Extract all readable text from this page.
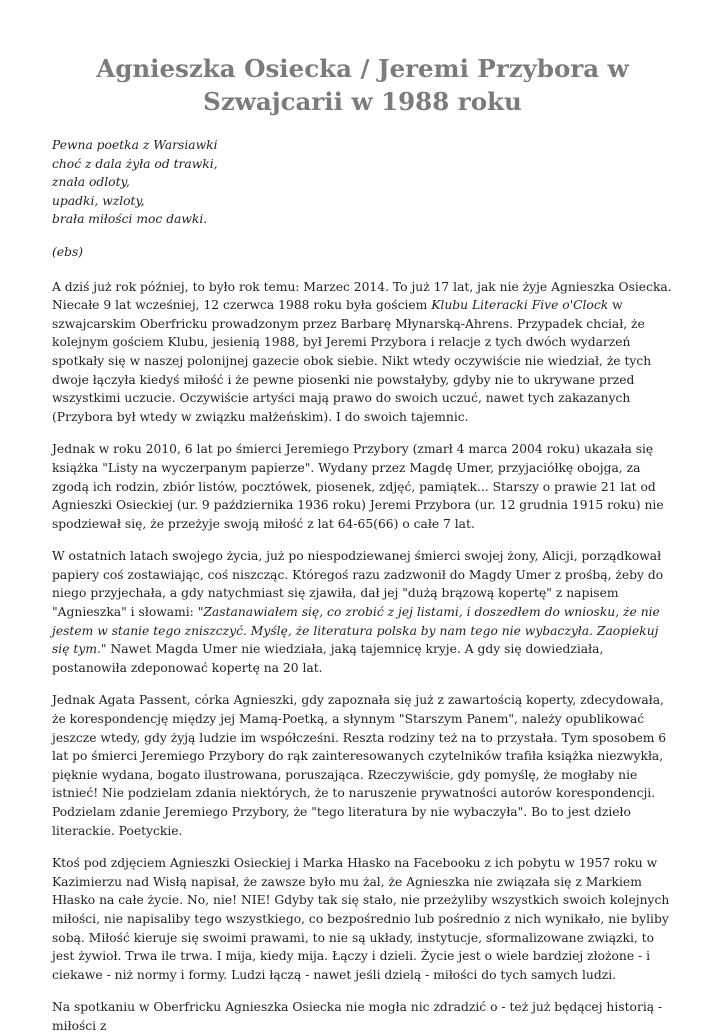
Agnieszka Osiecka / Jeremi Przybora w Szwajcarii w 1988 roku
Pewna poetka z Warsiawki
choć z dala żyła od trawki,
znała odloty,
upadki, wzloty,
brała miłości moc dawki.

(ebs)

A dziś już rok później, to było rok temu: Marzec 2014. To już 17 lat, jak nie żyje Agnieszka Osiecka. Niecałe 9 lat wcześniej, 12 czerwca 1988 roku była gościem Klubu Literacki Five o'Clock w szwajcarskim Oberfricku prowadzonym przez Barbarę Młynarską-Ahrens. Przypadek chciał, że kolejnym gościem Klubu, jesienią 1988, był Jeremi Przybora i relacje z tych dwóch wydarzeń spotkały się w naszej polonijnej gazecie obok siebie. Nikt wtedy oczywiście nie wiedział, że tych dwoje łączyła kiedyś miłość i że pewne piosenki nie powstałyby, gdyby nie to ukrywane przed wszystkimi uczucie. Oczywiście artyści mają prawo do swoich uczuć, nawet tych zakazanych (Przybora był wtedy w związku małżeńskim). I do swoich tajemnic.

Jednak w roku 2010, 6 lat po śmierci Jeremiego Przybory (zmarł 4 marca 2004 roku) ukazała się książka "Listy na wyczerpanym papierze". Wydany przez Magdę Umer, przyjaciółkę obojga, za zgodą ich rodzin, zbiór listów, pocztówek, piosenek, zdjęć, pamiątek... Starszy o prawie 21 lat od Agnieszki Osieckiej (ur. 9 października 1936 roku) Jeremi Przybora (ur. 12 grudnia 1915 roku) nie spodziewał się, że przeżyje swoją miłość z lat 64-65(66) o całe 7 lat.

W ostatnich latach swojego życia, już po niespodziewanej śmierci swojej żony, Alicji, porządkował papiery coś zostawiając, coś niszcząc. Któregoś razu zadzwonił do Magdy Umer z prośbą, żeby do niego przyjechała, a gdy natychmiast się zjawiła, dał jej "dużą brązową kopertę" z napisem "Agnieszka" i słowami: "Zastanawiałem się, co zrobić z jej listami, i doszedłem do wniosku, że nie jestem w stanie tego zniszczyć. Myślę, że literatura polska by nam tego nie wybaczyła. Zaopiekuj się tym." Nawet Magda Umer nie wiedziała, jaką tajemnicę kryje. A gdy się dowiedziała, postanowiła zdeponować kopertę na 20 lat.

Jednak Agata Passent, córka Agnieszki, gdy zapoznała się już z zawartością koperty, zdecydowała, że korespondencję między jej Mamą-Poetką, a słynnym "Starszym Panem", należy opublikować jeszcze wtedy, gdy żyją ludzie im współcześni. Reszta rodziny też na to przystała. Tym sposobem 6 lat po śmierci Jeremiego Przybory do rąk zainteresowanych czytelników trafiła książka niezwykła, pięknie wydana, bogato ilustrowana, poruszająca. Rzeczywiście, gdy pomyślę, że mogłaby nie istnieć! Nie podzielam zdania niektórych, że to naruszenie prywatności autorów korespondencji. Podzielam zdanie Jeremiego Przybory, że "tego literatura by nie wybaczyła". Bo to jest dzieło literackie. Poetyckie.

Ktoś pod zdjęciem Agnieszki Osieckiej i Marka Hłasko na Facebooku z ich pobytu w 1957 roku w Kazimierzu nad Wisłą napisał, że zawsze było mu żal, że Agnieszka nie związała się z Markiem Hłasko na całe życie. No, nie! NIE! Gdyby tak się stało, nie przeżyliby wszystkich swoich kolejnych miłości, nie napisaliby tego wszystkiego, co bezpośrednio lub pośrednio z nich wynikało, nie byliby sobą. Miłość kieruje się swoimi prawami, to nie są układy, instytucje, sformalizowane związki, to jest żywioł. Trwa ile trwa. I mija, kiedy mija. Łączy i dzieli. Życie jest o wiele bardziej złożone - i ciekawe - niż normy i formy. Ludzi łączą - nawet jeśli dzielą - miłości do tych samych ludzi.

Na spotkaniu w Oberfricku Agnieszka Osiecka nie mogła nic zdradzić o - też już będącej historią - miłości z
